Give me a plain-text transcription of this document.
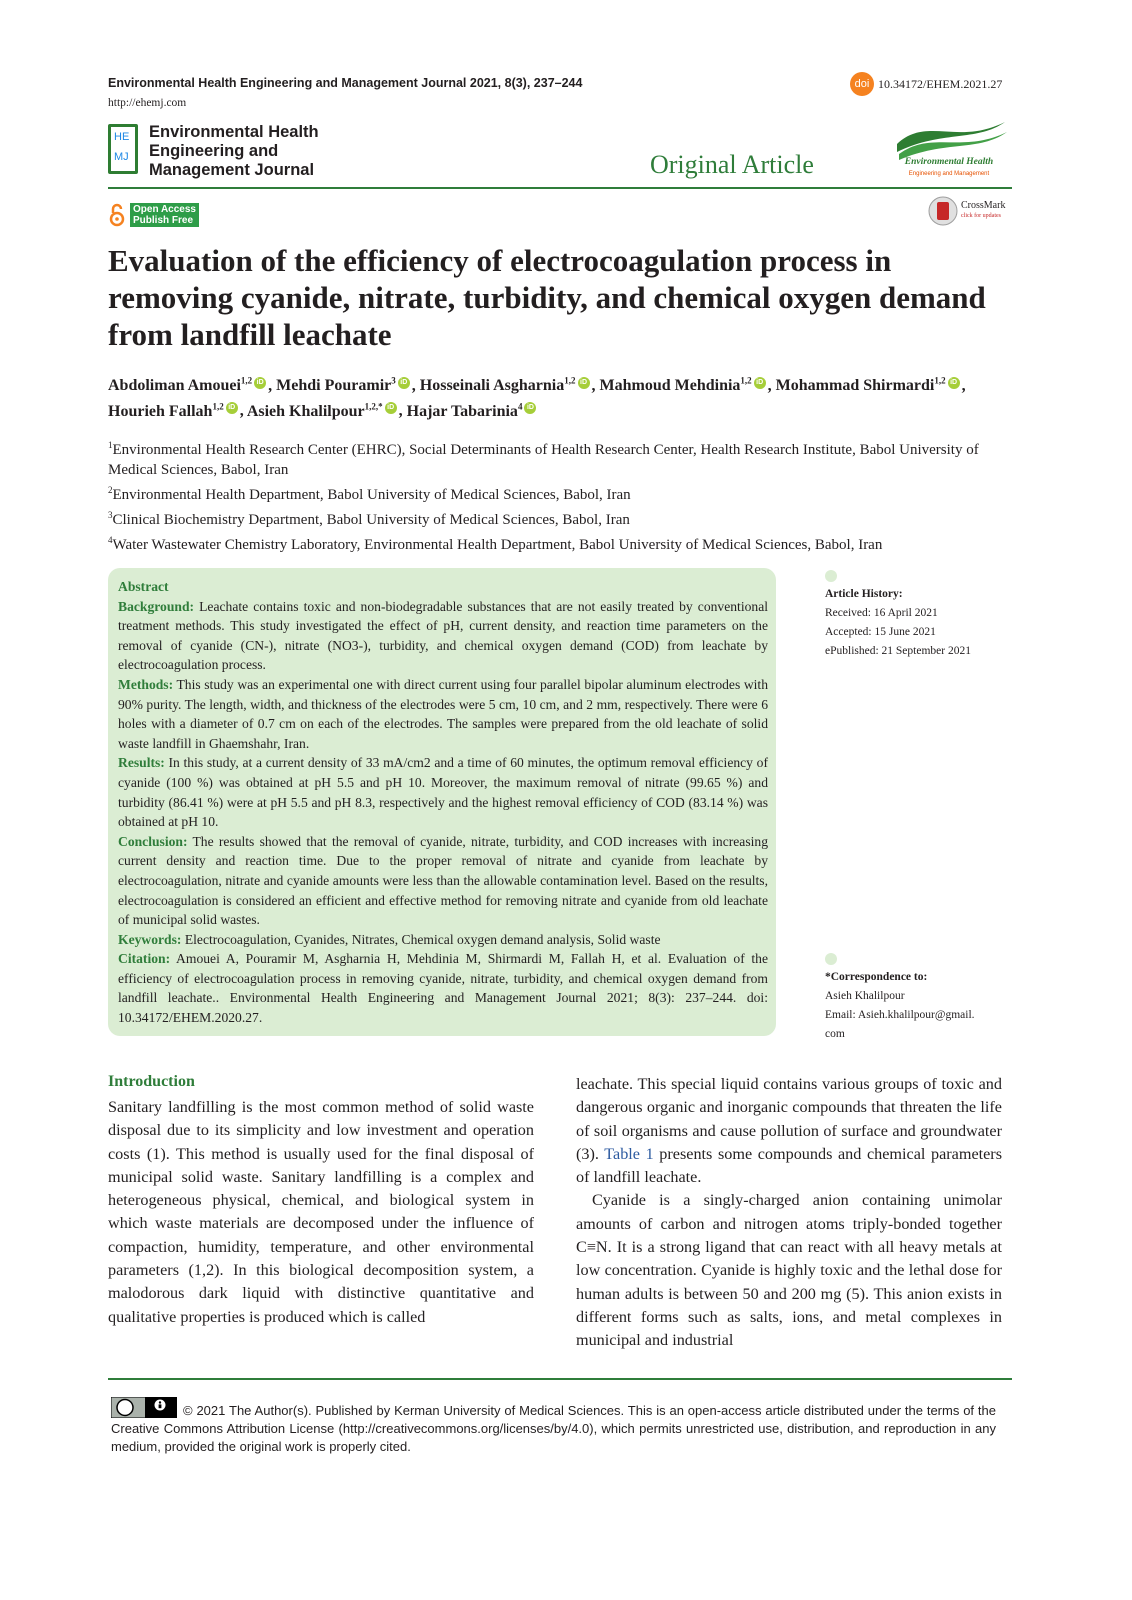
Environmental Health Engineering and Management Journal 2021, 8(3), 237–244
http://ehemj.com
doi 10.34172/EHEM.2021.27
HE
MJ
Environmental Health
Engineering and
Management Journal	Original Article	Environmental Health
Engineering and Management
Open Access
Publish Free
CrossMark
click for updates
Evaluation of the efficiency of electrocoagulation process in removing cyanide, nitrate, turbidity, and chemical oxygen demand from landfill leachate
Abdoliman Amouei$^{1,2}$ iD , Mehdi Pouramir$^3$ iD , Hosseinali Asgharnia$^{1,2}$ iD , Mahmoud Mehdinia$^{1,2}$ iD , Mohammad Shirmardi$^{1,2}$ iD , Hourieh Fallah$^{1,2}$ iD , Asieh Khalilpour$^{1,2,*}$ iD , Hajar Tabarinia$^4$ iD

$^1$Environmental Health Research Center (EHRC), Social Determinants of Health Research Center, Health Research Institute, Babol University of Medical Sciences, Babol, Iran

$^2$Environmental Health Department, Babol University of Medical Sciences, Babol, Iran

$^3$Clinical Biochemistry Department, Babol University of Medical Sciences, Babol, Iran

$^4$Water Wastewater Chemistry Laboratory, Environmental Health Department, Babol University of Medical Sciences, Babol, Iran

Abstract

Background: Leachate contains toxic and non-biodegradable substances that are not easily treated by conventional treatment methods. This study investigated the effect of pH, current density, and reaction time parameters on the removal of cyanide (CN-), nitrate (NO3-), turbidity, and chemical oxygen demand (COD) from leachate by electrocoagulation process.

Methods: This study was an experimental one with direct current using four parallel bipolar aluminum electrodes with 90% purity. The length, width, and thickness of the electrodes were 5 cm, 10 cm, and 2 mm, respectively. There were 6 holes with a diameter of 0.7 cm on each of the electrodes. The samples were prepared from the old leachate of solid waste landfill in Ghaemshahr, Iran.

Results: In this study, at a current density of 33 mA/cm2 and a time of 60 minutes, the optimum removal efficiency of cyanide (100 %) was obtained at pH 5.5 and pH 10. Moreover, the maximum removal of nitrate (99.65 %) and turbidity (86.41 %) were at pH 5.5 and pH 8.3, respectively and the highest removal efficiency of COD (83.14 %) was obtained at pH 10.

Conclusion: The results showed that the removal of cyanide, nitrate, turbidity, and COD increases with increasing current density and reaction time. Due to the proper removal of nitrate and cyanide from leachate by electrocoagulation, nitrate and cyanide amounts were less than the allowable contamination level. Based on the results, electrocoagulation is considered an efficient and effective method for removing nitrate and cyanide from old leachate of municipal solid wastes.

Keywords: Electrocoagulation, Cyanides, Nitrates, Chemical oxygen demand analysis, Solid waste

Citation: Amouei A, Pouramir M, Asgharnia H, Mehdinia M, Shirmardi M, Fallah H, et al. Evaluation of the efficiency of electrocoagulation process in removing cyanide, nitrate, turbidity, and chemical oxygen demand from landfill leachate.. Environmental Health Engineering and Management Journal 2021; 8(3): 237–244. doi: 10.34172/EHEM.2020.27.

Article History:
Received: 16 April 2021
Accepted: 15 June 2021
ePublished: 21 September 2021
*Correspondence to:
Asieh Khalilpour
Email: Asieh.khalilpour@gmail.
com
Introduction

Sanitary landfilling is the most common method of solid waste disposal due to its simplicity and low investment and operation costs (1). This method is usually used for the final disposal of municipal solid waste. Sanitary landfilling is a complex and heterogeneous physical, chemical, and biological system in which waste materials are decomposed under the influence of compaction, humidity, temperature, and other environmental parameters (1,2). In this biological decomposition system, a malodorous dark liquid with distinctive quantitative and qualitative properties is produced which is called

leachate. This special liquid contains various groups of toxic and dangerous organic and inorganic compounds that threaten the life of soil organisms and cause pollution of surface and groundwater (3). Table 1 presents some compounds and chemical parameters of landfill leachate.

Cyanide is a singly-charged anion containing unimolar amounts of carbon and nitrogen atoms triply-bonded together C≡N. It is a strong ligand that can react with all heavy metals at low concentration. Cyanide is highly toxic and the lethal dose for human adults is between 50 and 200 mg (5). This anion exists in different forms such as salts, ions, and metal complexes in municipal and industrial

© 2021 The Author(s). Published by Kerman University of Medical Sciences. This is an open-access article distributed under the terms of the Creative Commons Attribution License (http://creativecommons.org/licenses/by/4.0), which permits unrestricted use, distribution, and reproduction in any medium, provided the original work is properly cited.
